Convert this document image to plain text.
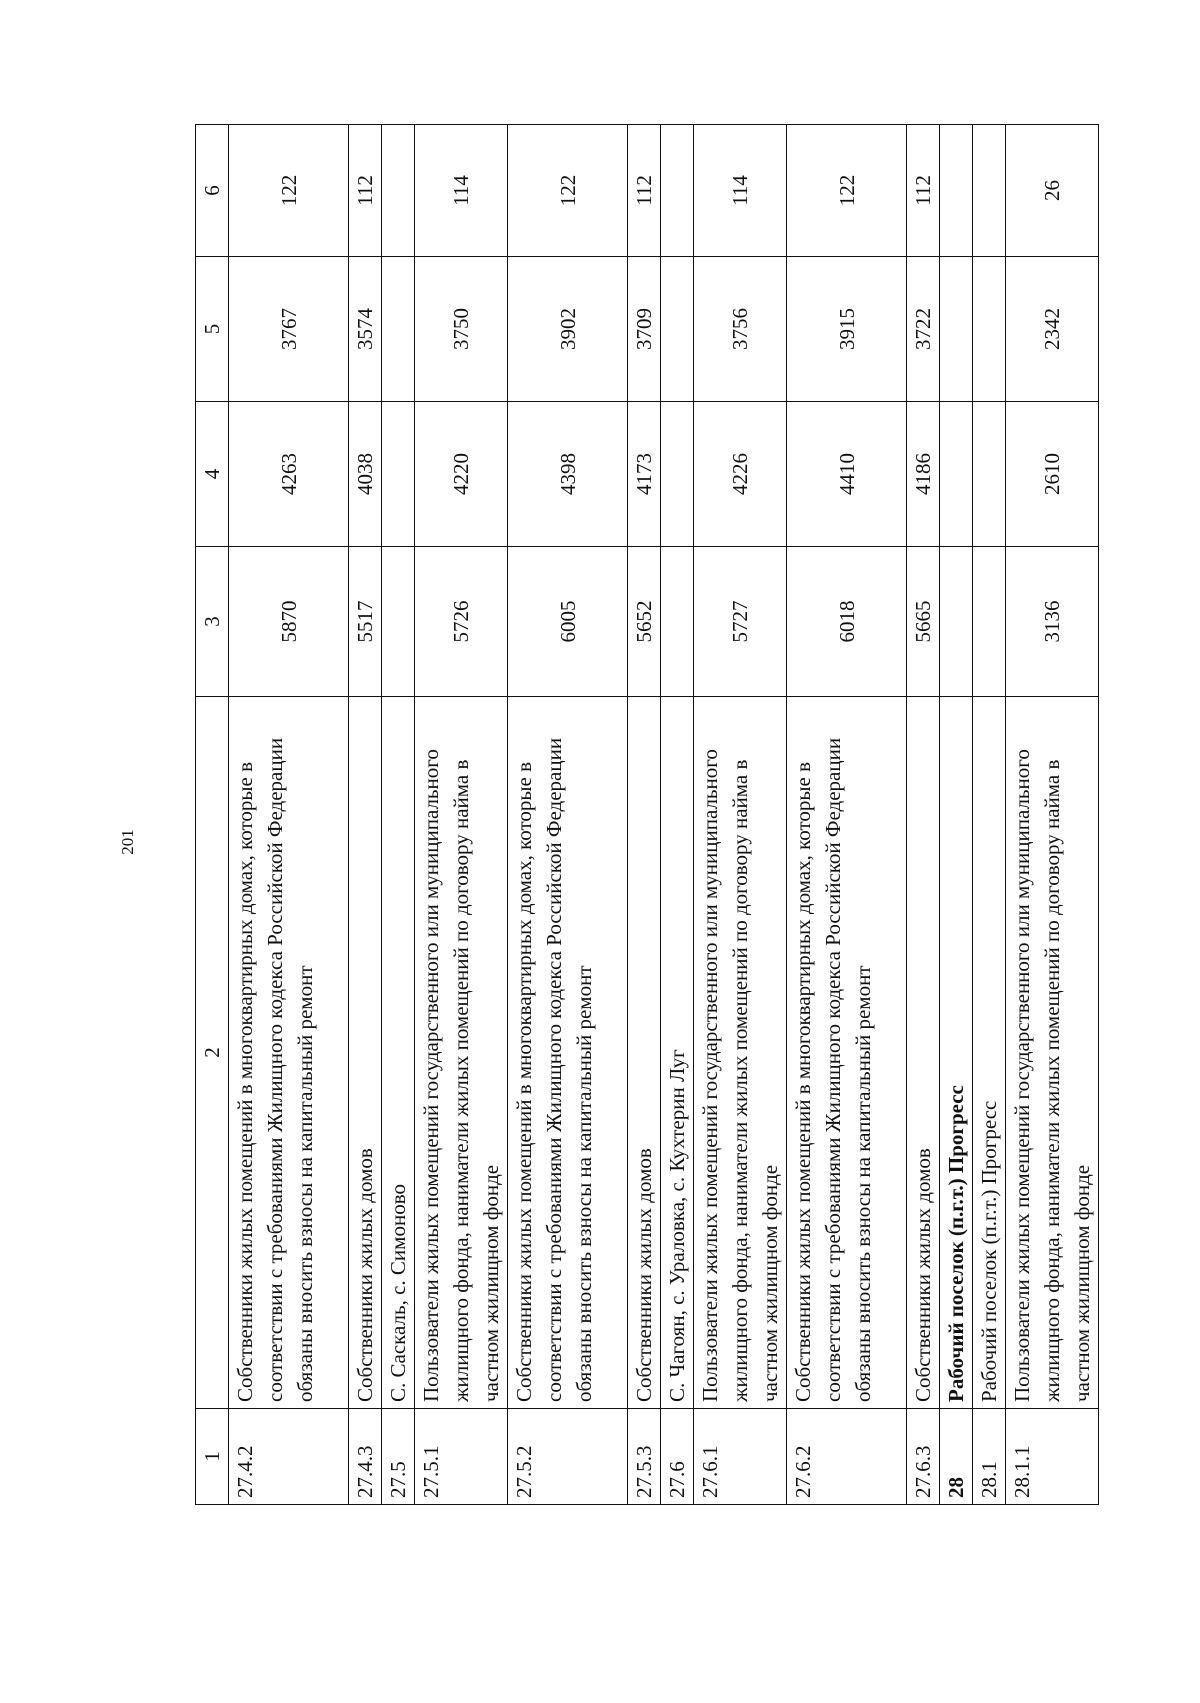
201
1	2	3	4	5	6
27.4.2	Собственники жилых помещений в многоквартирных домах, которые в соответствии с требованиями Жилищного кодекса Российской Федерации обязаны вносить взносы на капитальный ремонт	5870	4263	3767	122
27.4.3	Собственники жилых домов	5517	4038	3574	112
27.5	С. Саскаль, с. Симоново				
27.5.1	Пользователи жилых помещений государственного или муниципального жилищного фонда, наниматели жилых помещений по договору найма в частном жилищном фонде	5726	4220	3750	114
27.5.2	Собственники жилых помещений в многоквартирных домах, которые в соответствии с требованиями Жилищного кодекса Российской Федерации обязаны вносить взносы на капитальный ремонт	6005	4398	3902	122
27.5.3	Собственники жилых домов	5652	4173	3709	112
27.6	С. Чагоян, с. Ураловка, с. Кухтерин Луг				
27.6.1	Пользователи жилых помещений государственного или муниципального жилищного фонда, наниматели жилых помещений по договору найма в частном жилищном фонде	5727	4226	3756	114
27.6.2	Собственники жилых помещений в многоквартирных домах, которые в соответствии с требованиями Жилищного кодекса Российской Федерации обязаны вносить взносы на капитальный ремонт	6018	4410	3915	122
27.6.3	Собственники жилых домов	5665	4186	3722	112
28	Рабочий поселок (п.г.т.) Прогресс				
28.1	Рабочий поселок (п.г.т.) Прогресс				
28.1.1	Пользователи жилых помещений государственного или муниципального жилищного фонда, наниматели жилых помещений по договору найма в частном жилищном фонде	3136	2610	2342	26
